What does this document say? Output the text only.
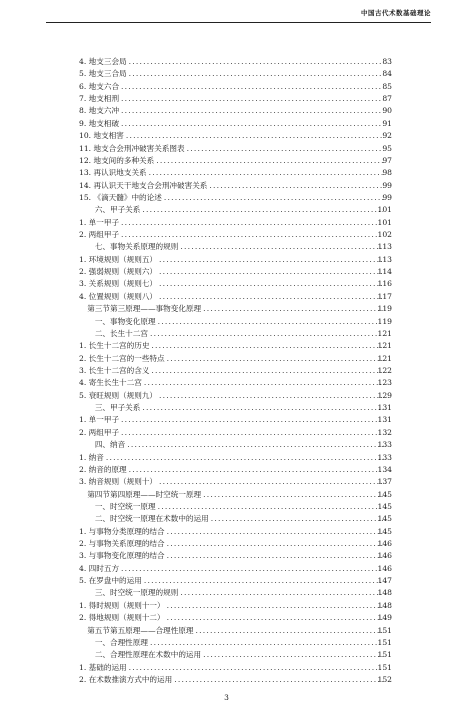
中国古代术数基础理论
4. 地支三会局 . . .	83
5. 地支三合局 . . .	84
6. 地支六合 . . .	85
7. 地支相刑 . . .	87
8. 地支六冲 . . .	90
9. 地支相破 . . .	91
10. 地支相害 . . .	92
11. 地支合会刑冲破害关系图表 . . .	95
12. 地支间的多种关系 . . .	97
13. 再认识地支关系 . . .	98
14. 再认识天干地支合会刑冲破害关系 . . .	99
15. 《滴天髓》中的论述 . . .	99
六、 甲子关系 . . .	101
1. 单一甲子 . . .	101
2. 两组甲子 . . .	102
七、 事物关系原理的规则 . . .	113
1. 环境规则（规则五） . . .	113
2. 强弱规则（规则六） . . .	114
3. 关系规则（规则七） . . .	116
4. 位置规则（规则八） . . .	117
第三节 第三原理——事物变化原理 . . .	119
一、 事物变化原理 . . .	119
二、 长生十二宫 . . .	121
1. 长生十二宫的历史 . . .	121
2. 长生十二宫的一些特点 . . .	121
3. 长生十二宫的含义 . . .	122
4. 寄生长生十二宫 . . .	123
5. 衰旺规则（规则九） . . .	129
三、 甲子关系 . . .	131
1. 单一甲子 . . .	131
2. 两组甲子 . . .	132
四、 纳音 . . .	133
1. 纳音 . . .	133
2. 纳音的原理 . . .	134
3. 纳音规则（规则十） . . .	137
第四节 第四原理——时空统一原理 . . .	145
一、 时空统一原理 . . .	145
二、 时空统一原理在术数中的运用 . . .	145
1. 与事物分类原理的结合 . . .	145
2. 与事物关系原理的结合 . . .	146
3. 与事物变化原理的结合 . . .	146
4. 四时五方 . . .	146
5. 在罗盘中的运用 . . .	147
三、 时空统一原理的规则 . . .	148
1. 得时规则（规则十一） . . .	148
2. 得地规则（规则十二） . . .	149
第五节 第五原理——合理性原理 . . .	151
一、 合理性原理 . . .	151
二、 合理性原理在术数中的运用 . . .	151
1. 基础的运用 . . .	151
2. 在术数推演方式中的运用 . . .	152
3
